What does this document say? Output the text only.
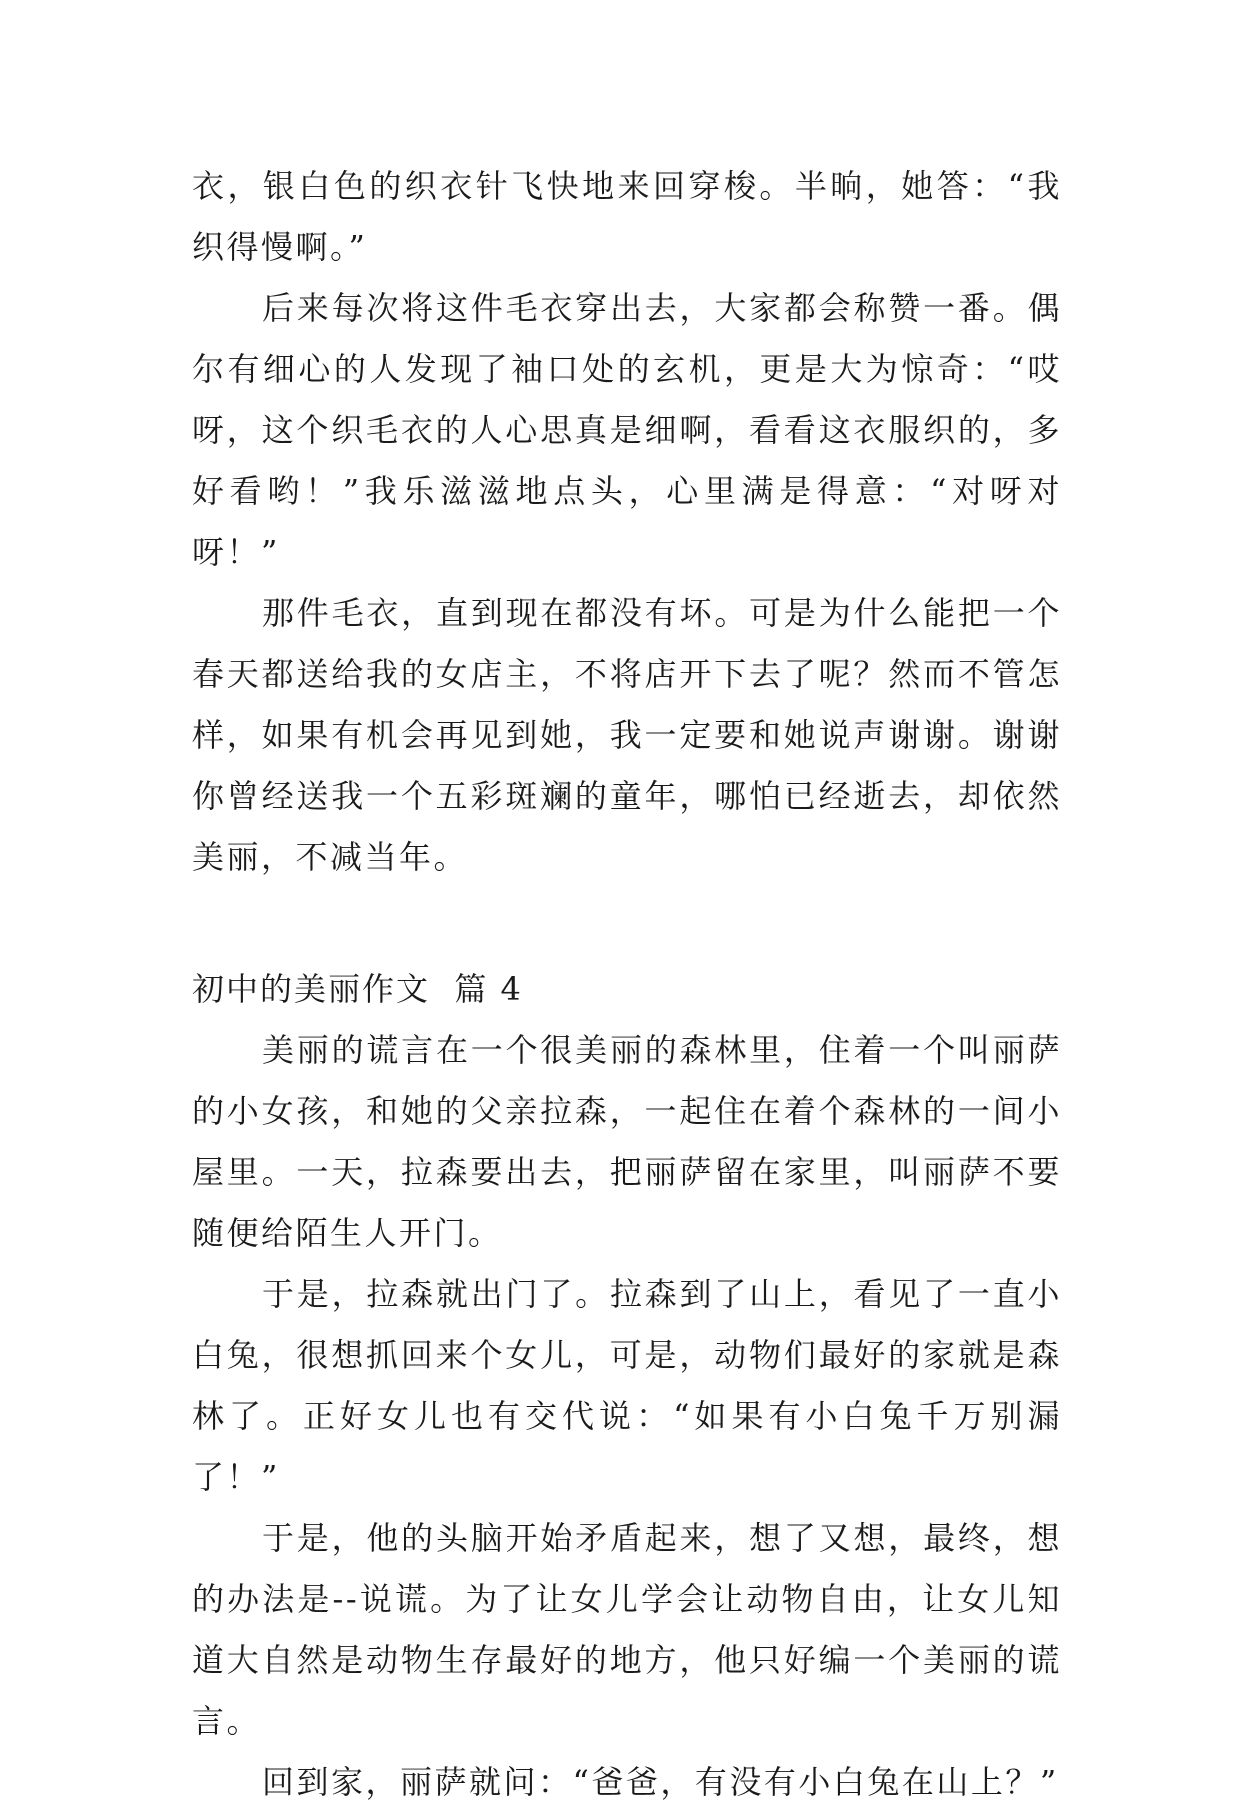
衣，银白色的织衣针飞快地来回穿梭。半晌，她答：“我织得慢啊。”

后来每次将这件毛衣穿出去，大家都会称赞一番。偶尔有细心的人发现了袖口处的玄机，更是大为惊奇：“哎呀，这个织毛衣的人心思真是细啊，看看这衣服织的，多好看哟！”我乐滋滋地点头，心里满是得意：“对呀对呀！”

那件毛衣，直到现在都没有坏。可是为什么能把一个春天都送给我的女店主，不将店开下去了呢？然而不管怎样，如果有机会再见到她，我一定要和她说声谢谢。谢谢你曾经送我一个五彩斑斓的童年，哪怕已经逝去，却依然美丽，不减当年。

初中的美丽作文  篇 4

美丽的谎言在一个很美丽的森林里，住着一个叫丽萨的小女孩，和她的父亲拉森，一起住在着个森林的一间小屋里。一天，拉森要出去，把丽萨留在家里，叫丽萨不要随便给陌生人开门。

于是，拉森就出门了。拉森到了山上，看见了一直小白兔，很想抓回来个女儿，可是，动物们最好的家就是森林了。正好女儿也有交代说：“如果有小白兔千万别漏了！”

于是，他的头脑开始矛盾起来，想了又想，最终，想的办法是--说谎。为了让女儿学会让动物自由，让女儿知道大自然是动物生存最好的地方，他只好编一个美丽的谎言。

回到家，丽萨就问：“爸爸，有没有小白兔在山上？”
